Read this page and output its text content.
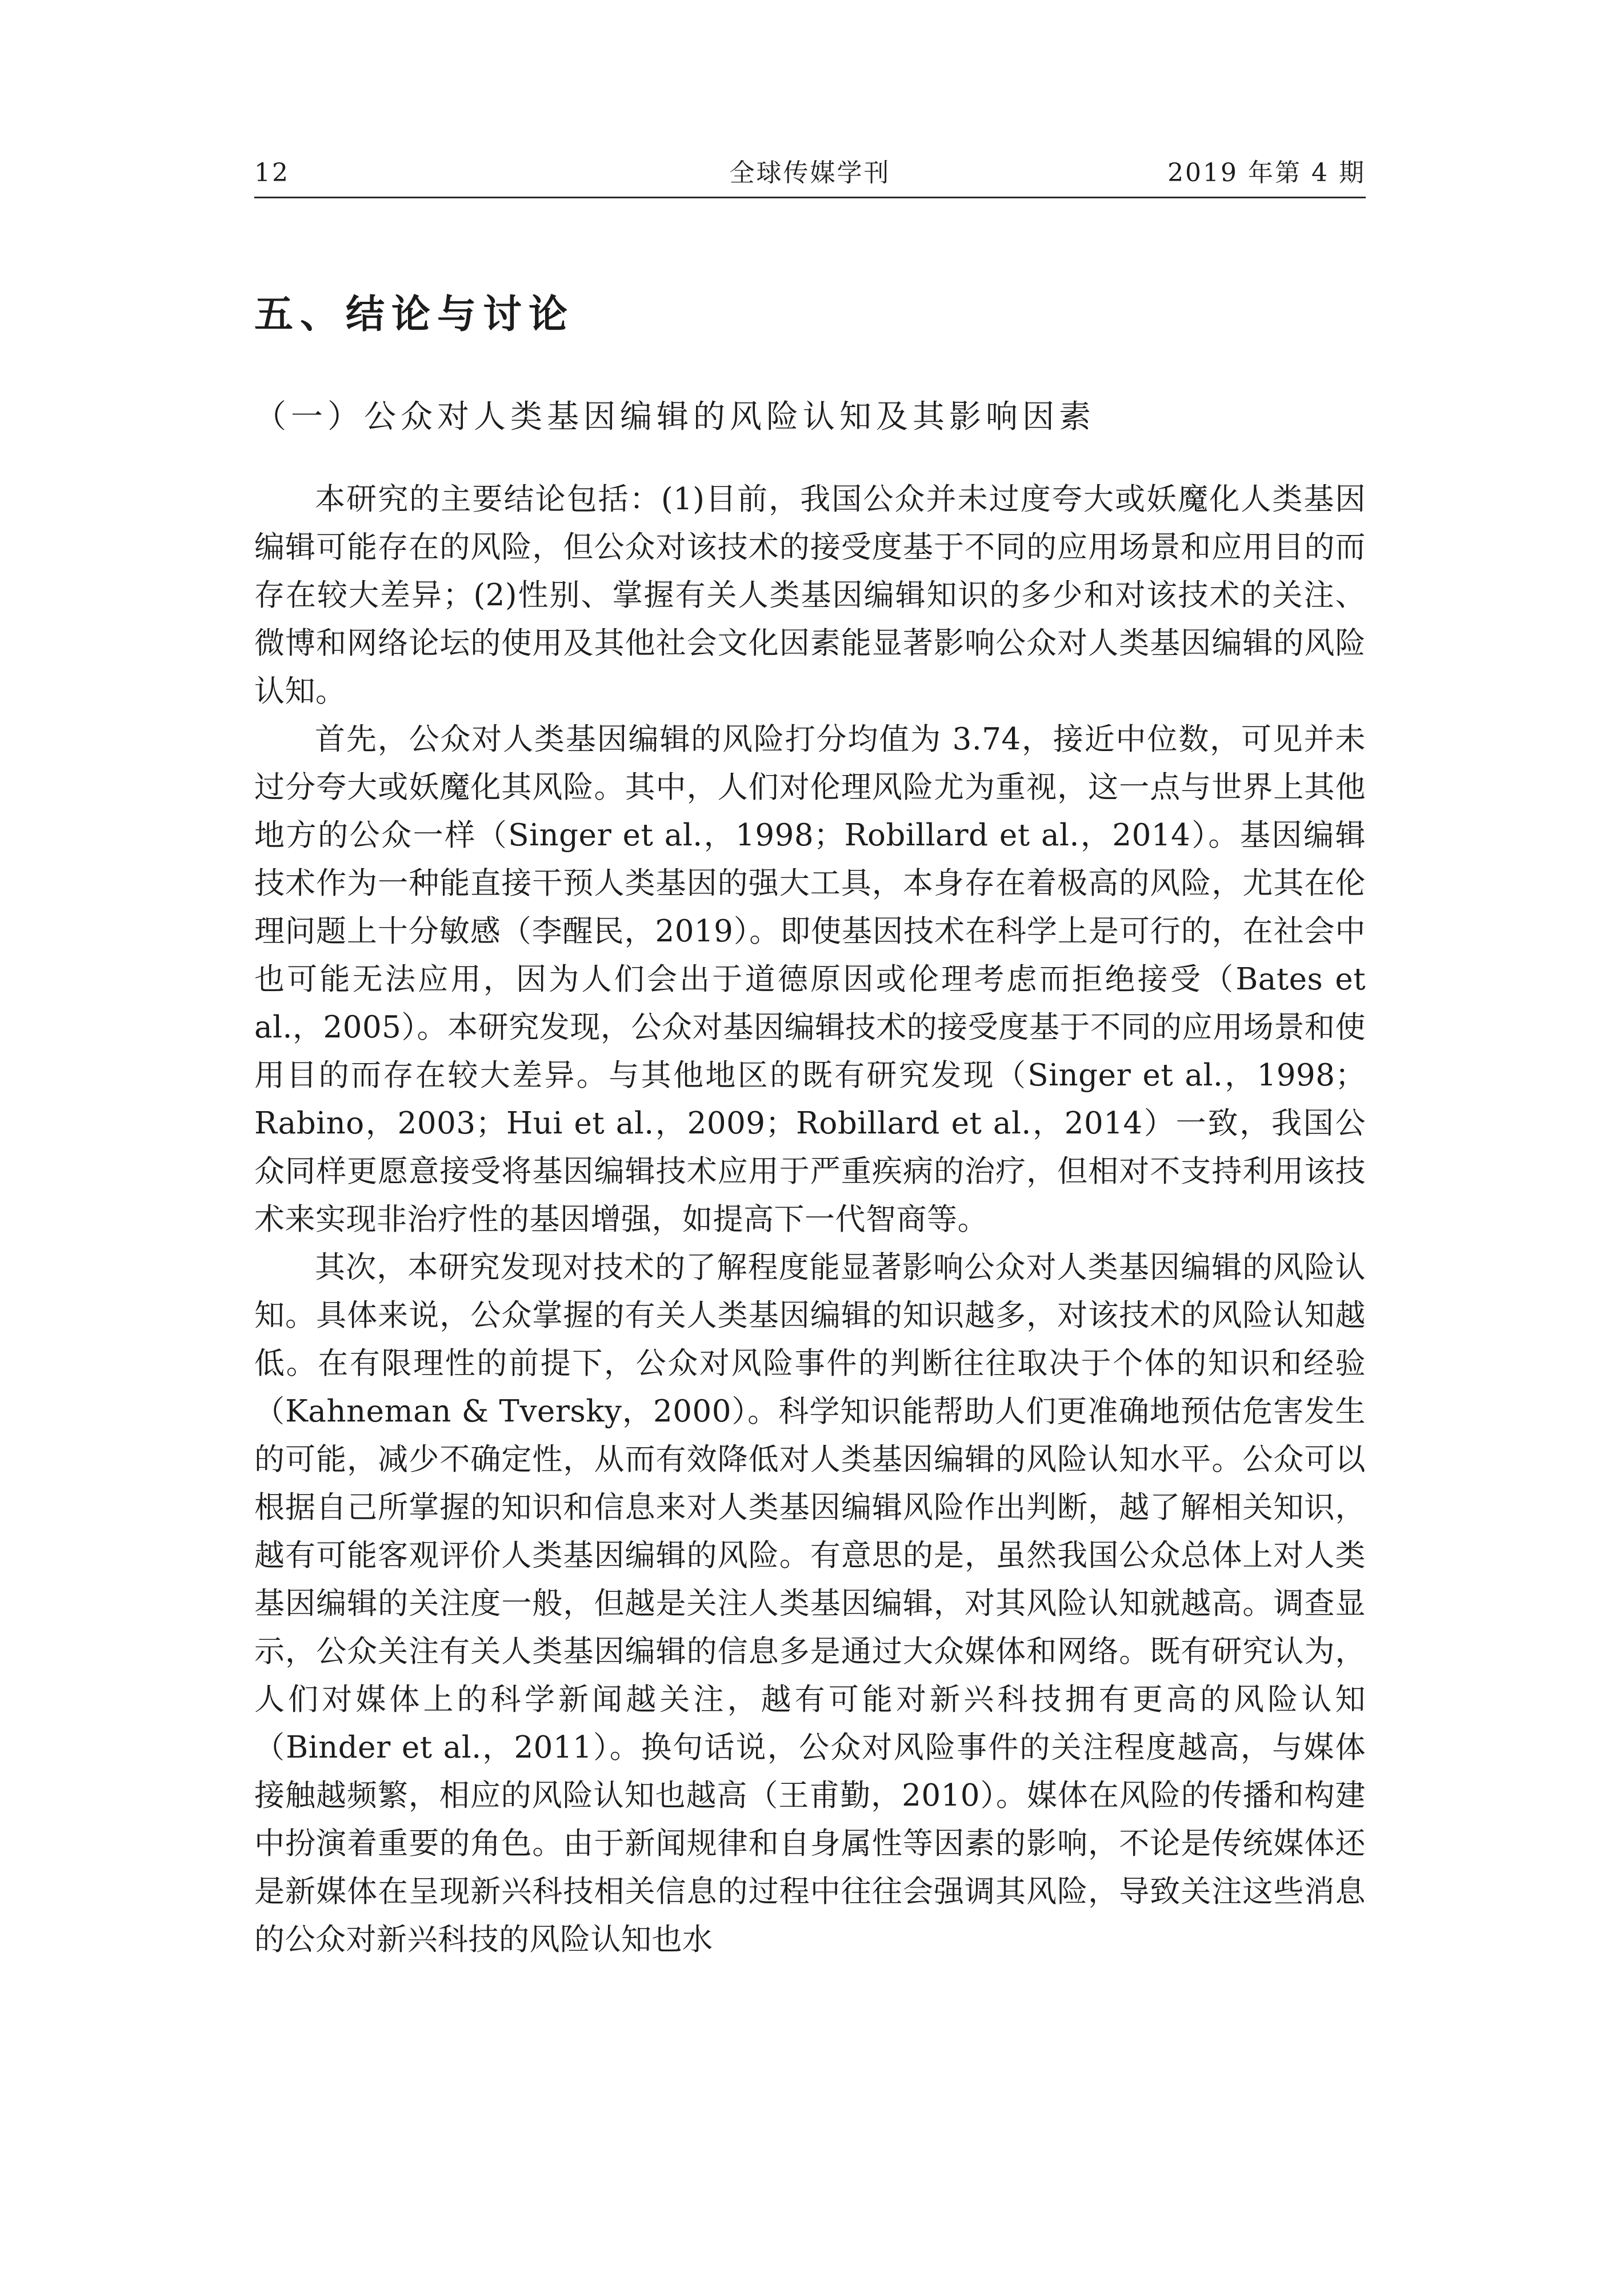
12	全球传媒学刊	2019 年第 4 期
五、结论与讨论
（一）公众对人类基因编辑的风险认知及其影响因素

本研究的主要结论包括：(1)目前，我国公众并未过度夸大或妖魔化人类基因编辑可能存在的风险，但公众对该技术的接受度基于不同的应用场景和应用目的而存在较大差异；(2)性别、掌握有关人类基因编辑知识的多少和对该技术的关注、微博和网络论坛的使用及其他社会文化因素能显著影响公众对人类基因编辑的风险认知。

首先，公众对人类基因编辑的风险打分均值为 3.74，接近中位数，可见并未过分夸大或妖魔化其风险。其中，人们对伦理风险尤为重视，这一点与世界上其他地方的公众一样（Singer et al.，1998；Robillard et al.，2014）。基因编辑技术作为一种能直接干预人类基因的强大工具，本身存在着极高的风险，尤其在伦理问题上十分敏感（李醒民，2019）。即使基因技术在科学上是可行的，在社会中也可能无法应用，因为人们会出于道德原因或伦理考虑而拒绝接受（Bates et al.，2005）。本研究发现，公众对基因编辑技术的接受度基于不同的应用场景和使用目的而存在较大差异。与其他地区的既有研究发现（Singer et al.，1998；Rabino，2003；Hui et al.，2009；Robillard et al.，2014）一致，我国公众同样更愿意接受将基因编辑技术应用于严重疾病的治疗，但相对不支持利用该技术来实现非治疗性的基因增强，如提高下一代智商等。

其次，本研究发现对技术的了解程度能显著影响公众对人类基因编辑的风险认知。具体来说，公众掌握的有关人类基因编辑的知识越多，对该技术的风险认知越低。在有限理性的前提下，公众对风险事件的判断往往取决于个体的知识和经验（Kahneman & Tversky，2000）。科学知识能帮助人们更准确地预估危害发生的可能，减少不确定性，从而有效降低对人类基因编辑的风险认知水平。公众可以根据自己所掌握的知识和信息来对人类基因编辑风险作出判断，越了解相关知识，越有可能客观评价人类基因编辑的风险。有意思的是，虽然我国公众总体上对人类基因编辑的关注度一般，但越是关注人类基因编辑，对其风险认知就越高。调查显示，公众关注有关人类基因编辑的信息多是通过大众媒体和网络。既有研究认为，人们对媒体上的科学新闻越关注，越有可能对新兴科技拥有更高的风险认知（Binder et al.，2011）。换句话说，公众对风险事件的关注程度越高，与媒体接触越频繁，相应的风险认知也越高（王甫勤，2010）。媒体在风险的传播和构建中扮演着重要的角色。由于新闻规律和自身属性等因素的影响，不论是传统媒体还是新媒体在呈现新兴科技相关信息的过程中往往会强调其风险，导致关注这些消息的公众对新兴科技的风险认知也水
